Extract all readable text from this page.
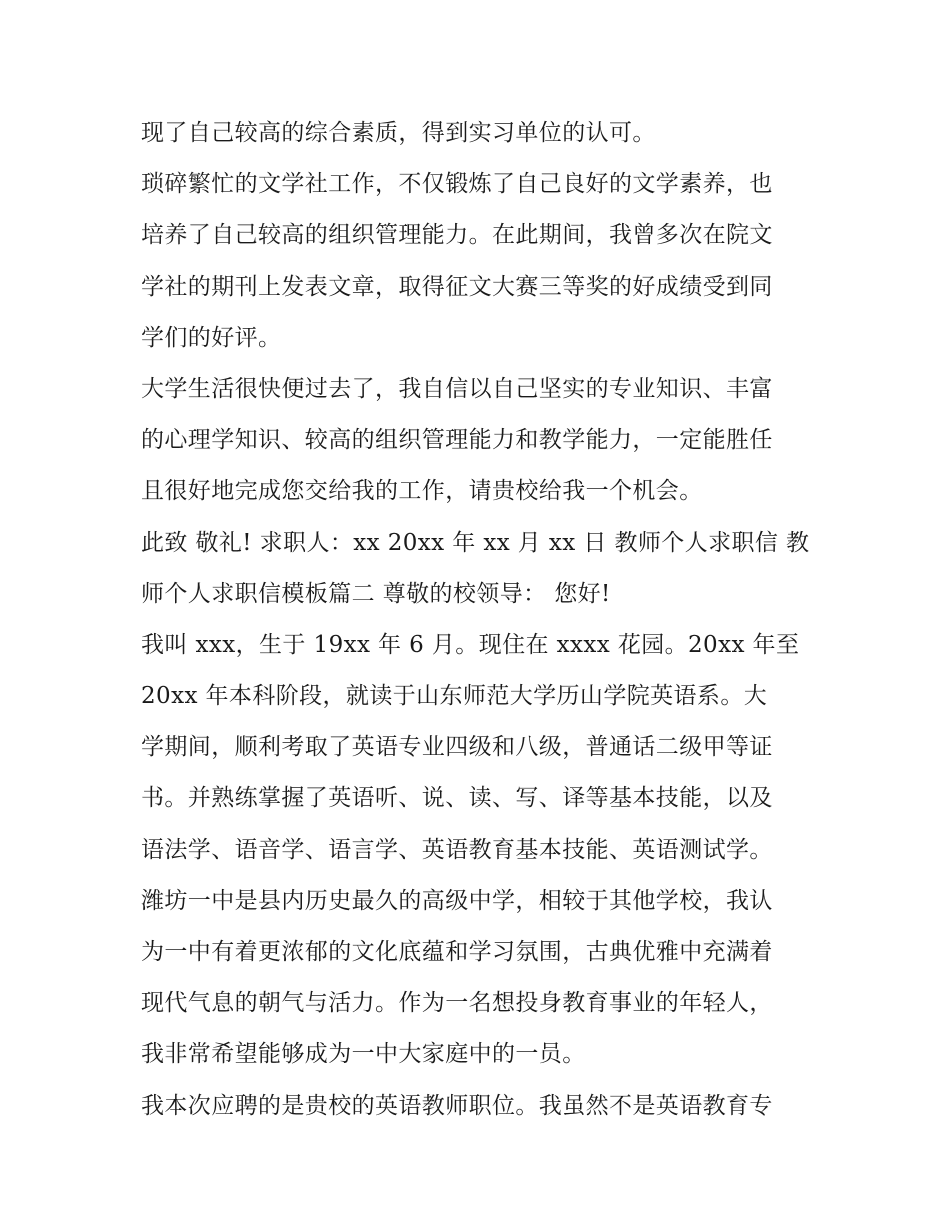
现了自己较高的综合素质，得到实习单位的认可。
琐碎繁忙的文学社工作，不仅锻炼了自己良好的文学素养，也
培养了自己较高的组织管理能力。在此期间，我曾多次在院文
学社的期刊上发表文章，取得征文大赛三等奖的好成绩受到同
学们的好评。
大学生活很快便过去了，我自信以自己坚实的专业知识、丰富
的心理学知识、较高的组织管理能力和教学能力，一定能胜任
且很好地完成您交给我的工作，请贵校给我一个机会。
此致 敬礼! 求职人：xx 20xx 年 xx 月 xx 日 教师个人求职信 教
师个人求职信模板篇二 尊敬的校领导： 您好!
我叫 xxx，生于 19xx 年 6 月。现住在 xxxx 花园。20xx 年至
20xx 年本科阶段，就读于山东师范大学历山学院英语系。大
学期间，顺利考取了英语专业四级和八级，普通话二级甲等证
书。并熟练掌握了英语听、说、读、写、译等基本技能，以及
语法学、语音学、语言学、英语教育基本技能、英语测试学。
潍坊一中是县内历史最久的高级中学，相较于其他学校，我认
为一中有着更浓郁的文化底蕴和学习氛围，古典优雅中充满着
现代气息的朝气与活力。作为一名想投身教育事业的年轻人，
我非常希望能够成为一中大家庭中的一员。
我本次应聘的是贵校的英语教师职位。我虽然不是英语教育专
